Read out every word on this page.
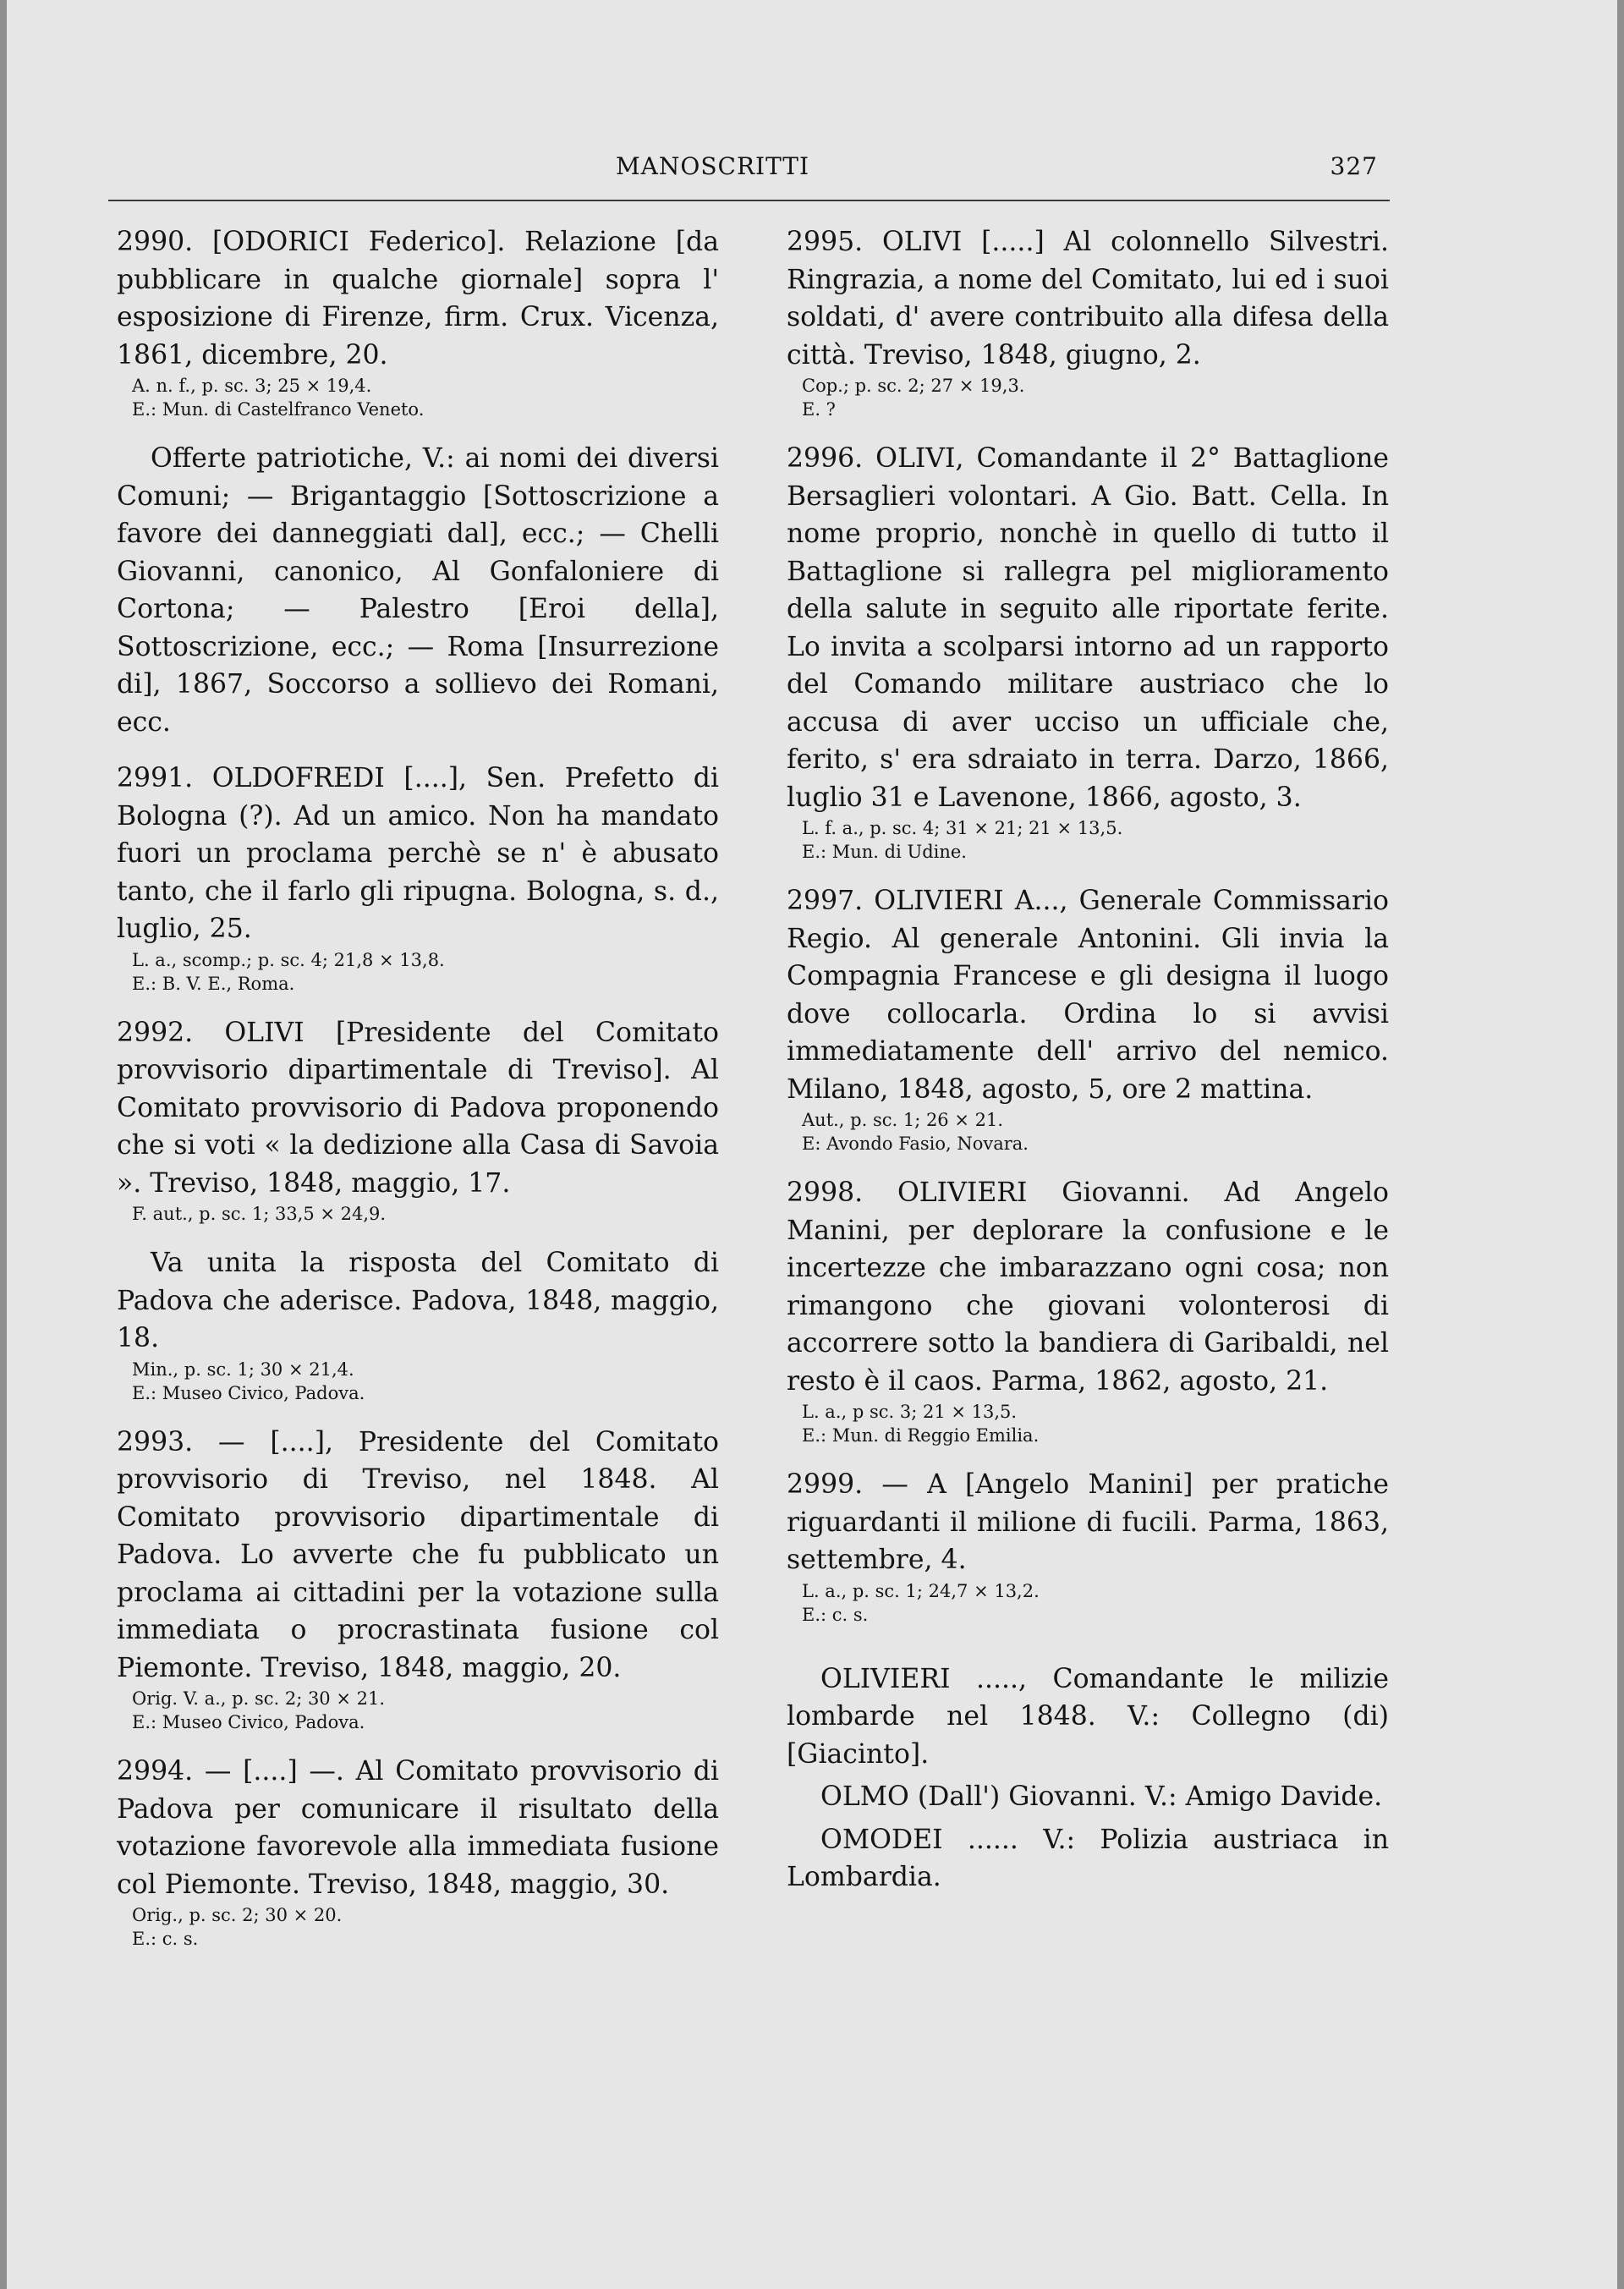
MANOSCRITTI	327
2990. [ODORICI Federico]. Relazione [da pubblicare in qualche giornale] sopra l' esposizione di Firenze, firm. Crux. Vicenza, 1861, dicembre, 20.
A. n. f., p. sc. 3; 25 × 19,4.
E.: Mun. di Castelfranco Veneto.
Offerte patriotiche, V.: ai nomi dei diversi Comuni; — Brigantaggio [Sottoscrizione a favore dei danneggiati dal], ecc.; — Chelli Giovanni, canonico, Al Gonfaloniere di Cortona; — Palestro [Eroi della], Sottoscrizione, ecc.; — Roma [Insurrezione di], 1867, Soccorso a sollievo dei Romani, ecc.
2991. OLDOFREDI [....], Sen. Prefetto di Bologna (?). Ad un amico. Non ha mandato fuori un proclama perchè se n' è abusato tanto, che il farlo gli ripugna. Bologna, s. d., luglio, 25.
L. a., scomp.; p. sc. 4; 21,8 × 13,8.
E.: B. V. E., Roma.
2992. OLIVI [Presidente del Comitato provvisorio dipartimentale di Treviso]. Al Comitato provvisorio di Padova proponendo che si voti « la dedizione alla Casa di Savoia ». Treviso, 1848, maggio, 17.
F. aut., p. sc. 1; 33,5 × 24,9.
Va unita la risposta del Comitato di Padova che aderisce. Padova, 1848, maggio, 18.
Min., p. sc. 1; 30 × 21,4.
E.: Museo Civico, Padova.
2993. — [....], Presidente del Comitato provvisorio di Treviso, nel 1848. Al Comitato provvisorio dipartimentale di Padova. Lo avverte che fu pubblicato un proclama ai cittadini per la votazione sulla immediata o procrastinata fusione col Piemonte. Treviso, 1848, maggio, 20.
Orig. V. a., p. sc. 2; 30 × 21.
E.: Museo Civico, Padova.
2994. — [....] —. Al Comitato provvisorio di Padova per comunicare il risultato della votazione favorevole alla immediata fusione col Piemonte. Treviso, 1848, maggio, 30.
Orig., p. sc. 2; 30 × 20.
E.: c. s.
2995. OLIVI [.....] Al colonnello Silvestri. Ringrazia, a nome del Comitato, lui ed i suoi soldati, d' avere contribuito alla difesa della città. Treviso, 1848, giugno, 2.
Cop.; p. sc. 2; 27 × 19,3.
E. ?
2996. OLIVI, Comandante il 2° Battaglione Bersaglieri volontari. A Gio. Batt. Cella. In nome proprio, nonchè in quello di tutto il Battaglione si rallegra pel miglioramento della salute in seguito alle riportate ferite. Lo invita a scolparsi intorno ad un rapporto del Comando militare austriaco che lo accusa di aver ucciso un ufficiale che, ferito, s' era sdraiato in terra. Darzo, 1866, luglio 31 e Lavenone, 1866, agosto, 3.
L. f. a., p. sc. 4; 31 × 21; 21 × 13,5.
E.: Mun. di Udine.
2997. OLIVIERI A..., Generale Commissario Regio. Al generale Antonini. Gli invia la Compagnia Francese e gli designa il luogo dove collocarla. Ordina lo si avvisi immediatamente dell' arrivo del nemico. Milano, 1848, agosto, 5, ore 2 mattina.
Aut., p. sc. 1; 26 × 21.
E: Avondo Fasio, Novara.
2998. OLIVIERI Giovanni. Ad Angelo Manini, per deplorare la confusione e le incertezze che imbarazzano ogni cosa; non rimangono che giovani volonterosi di accorrere sotto la bandiera di Garibaldi, nel resto è il caos. Parma, 1862, agosto, 21.
L. a., p sc. 3; 21 × 13,5.
E.: Mun. di Reggio Emilia.
2999. — A [Angelo Manini] per pratiche riguardanti il milione di fucili. Parma, 1863, settembre, 4.
L. a., p. sc. 1; 24,7 × 13,2.
E.: c. s.
OLIVIERI ....., Comandante le milizie lombarde nel 1848. V.: Collegno (di) [Giacinto].
OLMO (Dall') Giovanni. V.: Amigo Davide.
OMODEI ...... V.: Polizia austriaca in Lombardia.
